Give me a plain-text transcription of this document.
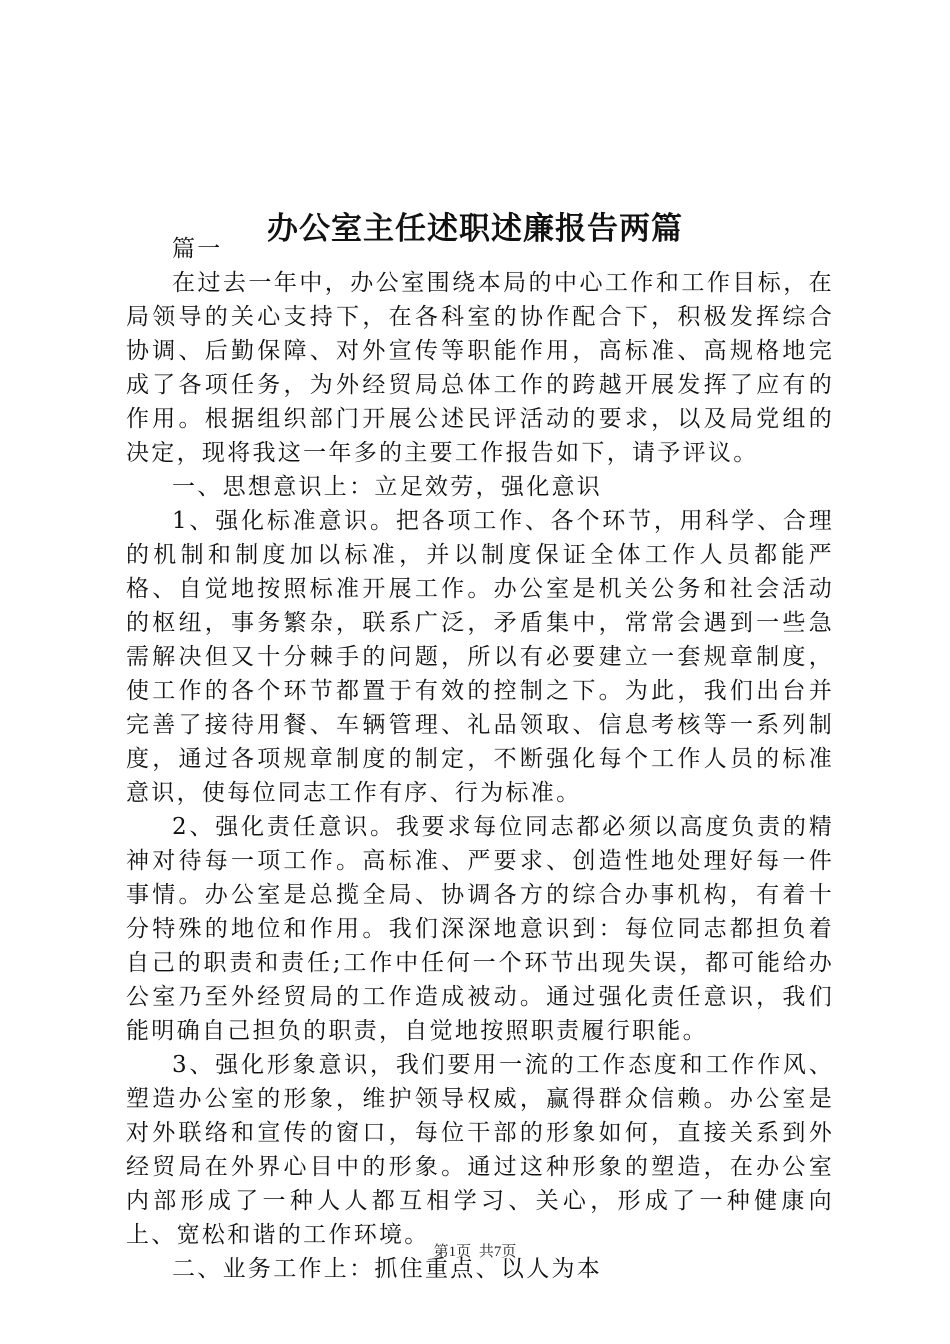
办公室主任述职述廉报告两篇

篇一

在过去一年中，办公室围绕本局的中心工作和工作目标，在局领导的关心支持下，在各科室的协作配合下，积极发挥综合协调、后勤保障、对外宣传等职能作用，高标准、高规格地完成了各项任务，为外经贸局总体工作的跨越开展发挥了应有的作用。根据组织部门开展公述民评活动的要求，以及局党组的决定，现将我这一年多的主要工作报告如下，请予评议。

一、思想意识上：立足效劳，强化意识

1、强化标准意识。把各项工作、各个环节，用科学、合理的机制和制度加以标准，并以制度保证全体工作人员都能严格、自觉地按照标准开展工作。办公室是机关公务和社会活动的枢纽，事务繁杂，联系广泛，矛盾集中，常常会遇到一些急需解决但又十分棘手的问题，所以有必要建立一套规章制度，使工作的各个环节都置于有效的控制之下。为此，我们出台并完善了接待用餐、车辆管理、礼品领取、信息考核等一系列制度，通过各项规章制度的制定，不断强化每个工作人员的标准意识，使每位同志工作有序、行为标准。

2、强化责任意识。我要求每位同志都必须以高度负责的精神对待每一项工作。高标准、严要求、创造性地处理好每一件事情。办公室是总揽全局、协调各方的综合办事机构，有着十分特殊的地位和作用。我们深深地意识到：每位同志都担负着自己的职责和责任;工作中任何一个环节出现失误，都可能给办公室乃至外经贸局的工作造成被动。通过强化责任意识，我们能明确自己担负的职责，自觉地按照职责履行职能。

3、强化形象意识，我们要用一流的工作态度和工作作风、塑造办公室的形象，维护领导权威，赢得群众信赖。办公室是对外联络和宣传的窗口，每位干部的形象如何，直接关系到外经贸局在外界心目中的形象。通过这种形象的塑造，在办公室内部形成了一种人人都互相学习、关心，形成了一种健康向上、宽松和谐的工作环境。

二、业务工作上：抓住重点、以人为本

第1页 共7页
